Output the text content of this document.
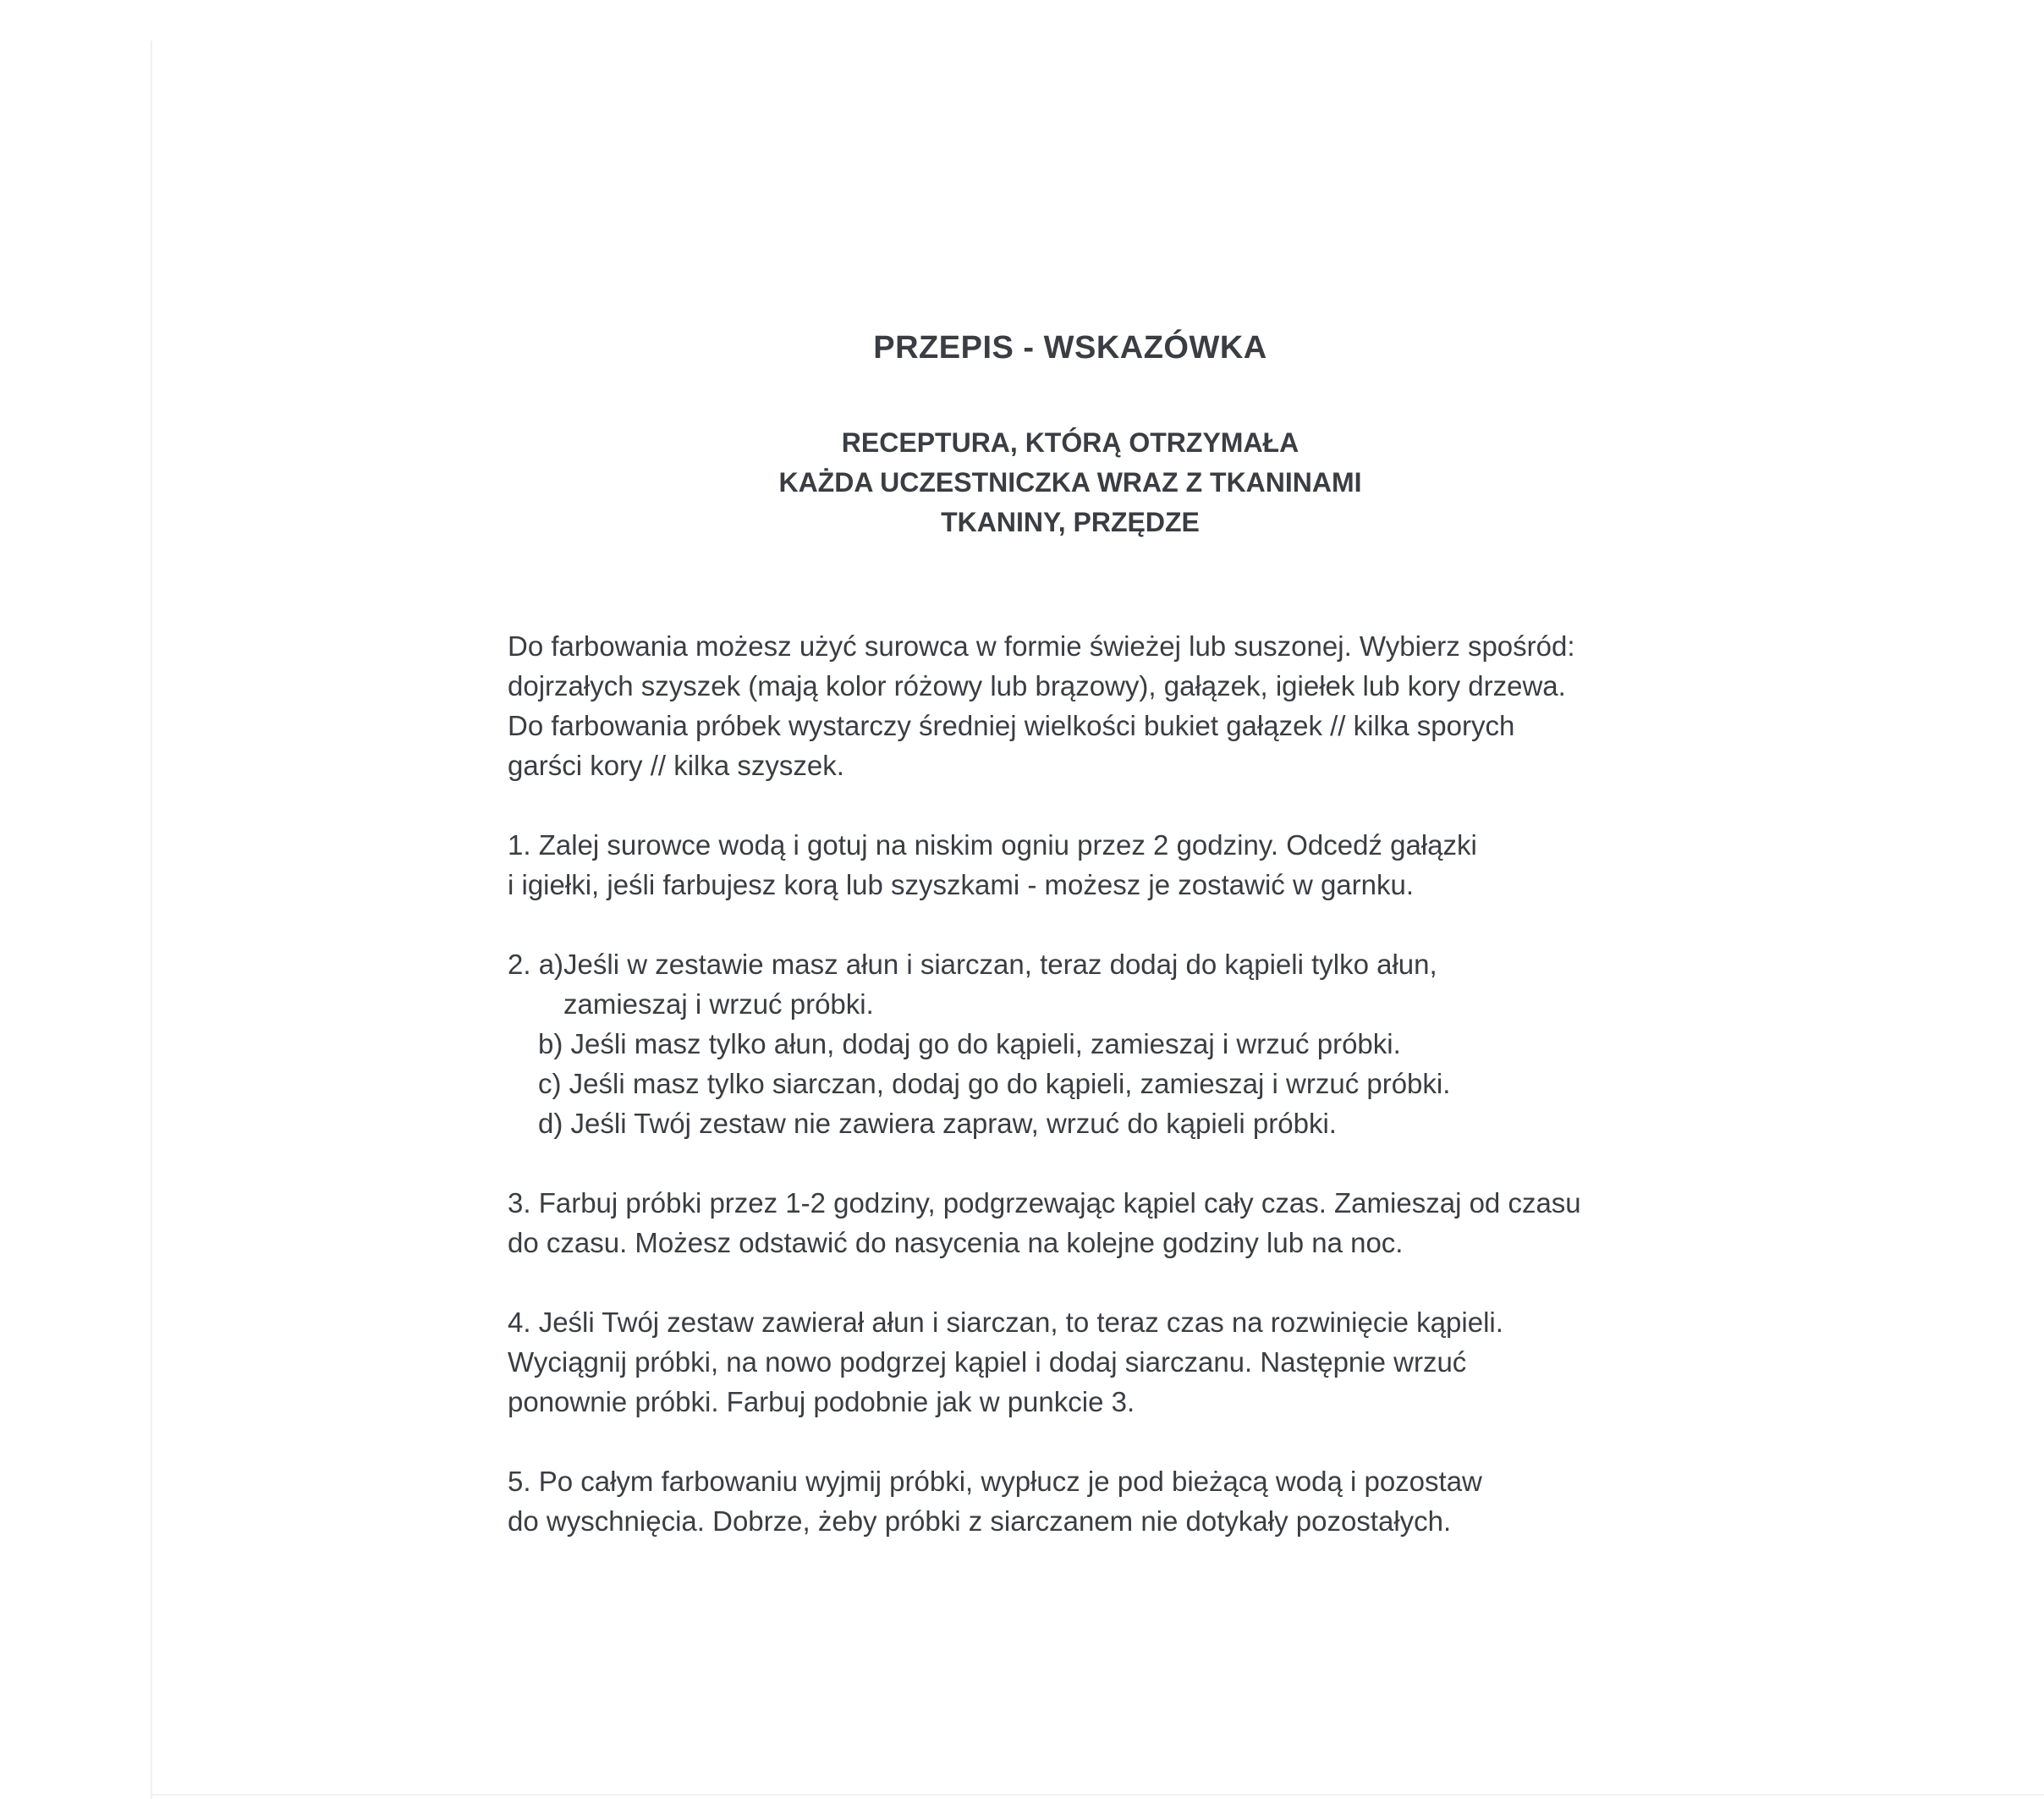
PRZEPIS - WSKAZÓWKA
RECEPTURA, KTÓRĄ OTRZYMAŁA
KAŻDA UCZESTNICZKA WRAZ Z TKANINAMI
TKANINY, PRZĘDZE
Do farbowania możesz użyć surowca w formie świeżej lub suszonej. Wybierz spośród:
dojrzałych szyszek (mają kolor różowy lub brązowy), gałązek, igiełek lub kory drzewa.
Do farbowania próbek wystarczy średniej wielkości bukiet gałązek // kilka sporych
garści kory // kilka szyszek.
1. Zalej surowce wodą i gotuj na niskim ogniu przez 2 godziny. Odcedź gałązki
i igiełki, jeśli farbujesz korą lub szyszkami - możesz je zostawić w garnku.
2. a)Jeśli w zestawie masz ałun i siarczan, teraz dodaj do kąpieli tylko ałun,
zamieszaj i wrzuć próbki.
b) Jeśli masz tylko ałun, dodaj go do kąpieli, zamieszaj i wrzuć próbki.
c) Jeśli masz tylko siarczan, dodaj go do kąpieli, zamieszaj i wrzuć próbki.
d) Jeśli Twój zestaw nie zawiera zapraw, wrzuć do kąpieli próbki.
3. Farbuj próbki przez 1-2 godziny, podgrzewając kąpiel cały czas. Zamieszaj od czasu
do czasu. Możesz odstawić do nasycenia na kolejne godziny lub na noc.
4. Jeśli Twój zestaw zawierał ałun i siarczan, to teraz czas na rozwinięcie kąpieli.
Wyciągnij próbki, na nowo podgrzej kąpiel i dodaj siarczanu. Następnie wrzuć
ponownie próbki. Farbuj podobnie jak w punkcie 3.
5. Po całym farbowaniu wyjmij próbki, wypłucz je pod bieżącą wodą i pozostaw
do wyschnięcia. Dobrze, żeby próbki z siarczanem nie dotykały pozostałych.
